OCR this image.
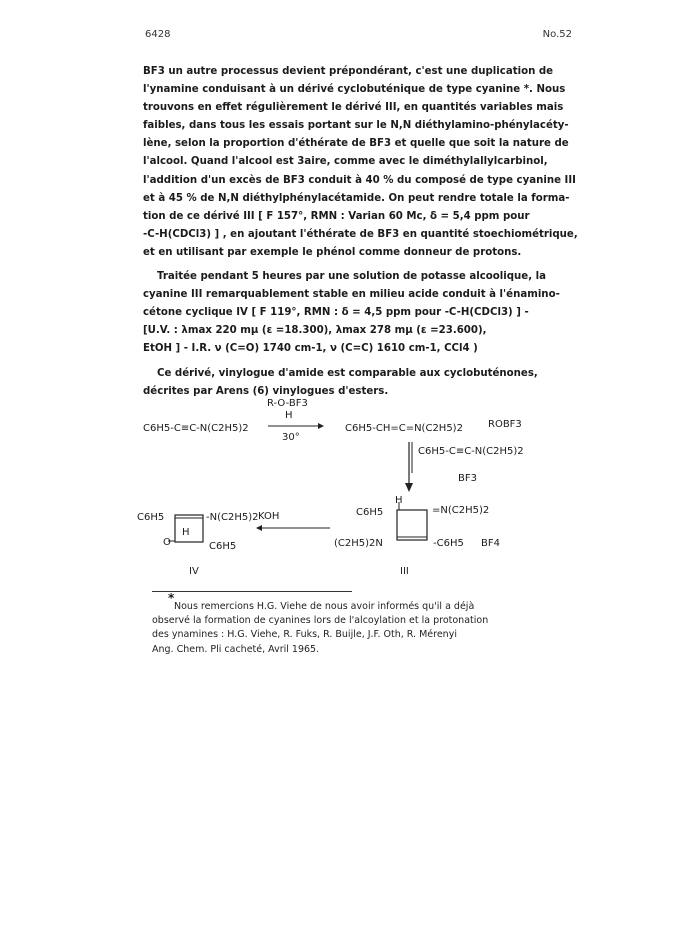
6428	No.52
BF3 un autre processus devient prépondérant, c'est une duplication de
l'ynamine conduisant à un dérivé cyclobuténique de type cyanine *. Nous
trouvons en effet régulièrement le dérivé III, en quantités variables mais
faibles, dans tous les essais portant sur le N,N diéthylamino-phénylacéty-
lène, selon la proportion d'éthérate de BF3 et quelle que soit la nature de
l'alcool. Quand l'alcool est 3aire, comme avec le diméthylallylcarbinol,
l'addition d'un excès de BF3 conduit à 40 % du composé de type cyanine III
et à 45 % de N,N diéthylphénylacétamide. On peut rendre totale la forma-
tion de ce dérivé III [ F 157°, RMN : Varian 60 Mc, δ = 5,4 ppm pour
-C-H(CDCl3) ] , en ajoutant l'éthérate de BF3 en quantité stoechiométrique,
et en utilisant par exemple le phénol comme donneur de protons.
Traitée pendant 5 heures par une solution de potasse alcoolique, la
cyanine III remarquablement stable en milieu acide conduit à l'énamino-
cétone cyclique IV [ F 119°, RMN : δ = 4,5 ppm pour -C-H(CDCl3) ] -
[U.V. : λmax 220 mμ (ε =18.300), λmax 278 mμ (ε =23.600),
EtOH ] - I.R. ν (C=O) 1740 cm-1, ν (C=C) 1610 cm-1, CCl4 )
Ce dérivé, vinylogue d'amide est comparable aux cyclobuténones,
décrites par Arens (6) vinylogues d'esters.
R-O-BF3
H
C6H5-C≡C-N(C2H5)2
30°
C6H5-CH=C=N(C2H5)2	ROBF3
C6H5-C≡C-N(C2H5)2
BF3
C6H5	-N(C2H5)2
H
O	C6H5
KOH	C6H5
H
=N(C2H5)2
(C2H5)2N	-C6H5 BF4
IV	III
*
Nous remercions H.G. Viehe de nous avoir informés qu'il a déjà
observé la formation de cyanines lors de l'alcoylation et la protonation
des ynamines : H.G. Viehe, R. Fuks, R. Buijle, J.F. Oth, R. Mérenyi
Ang. Chem. Pli cacheté, Avril 1965.
